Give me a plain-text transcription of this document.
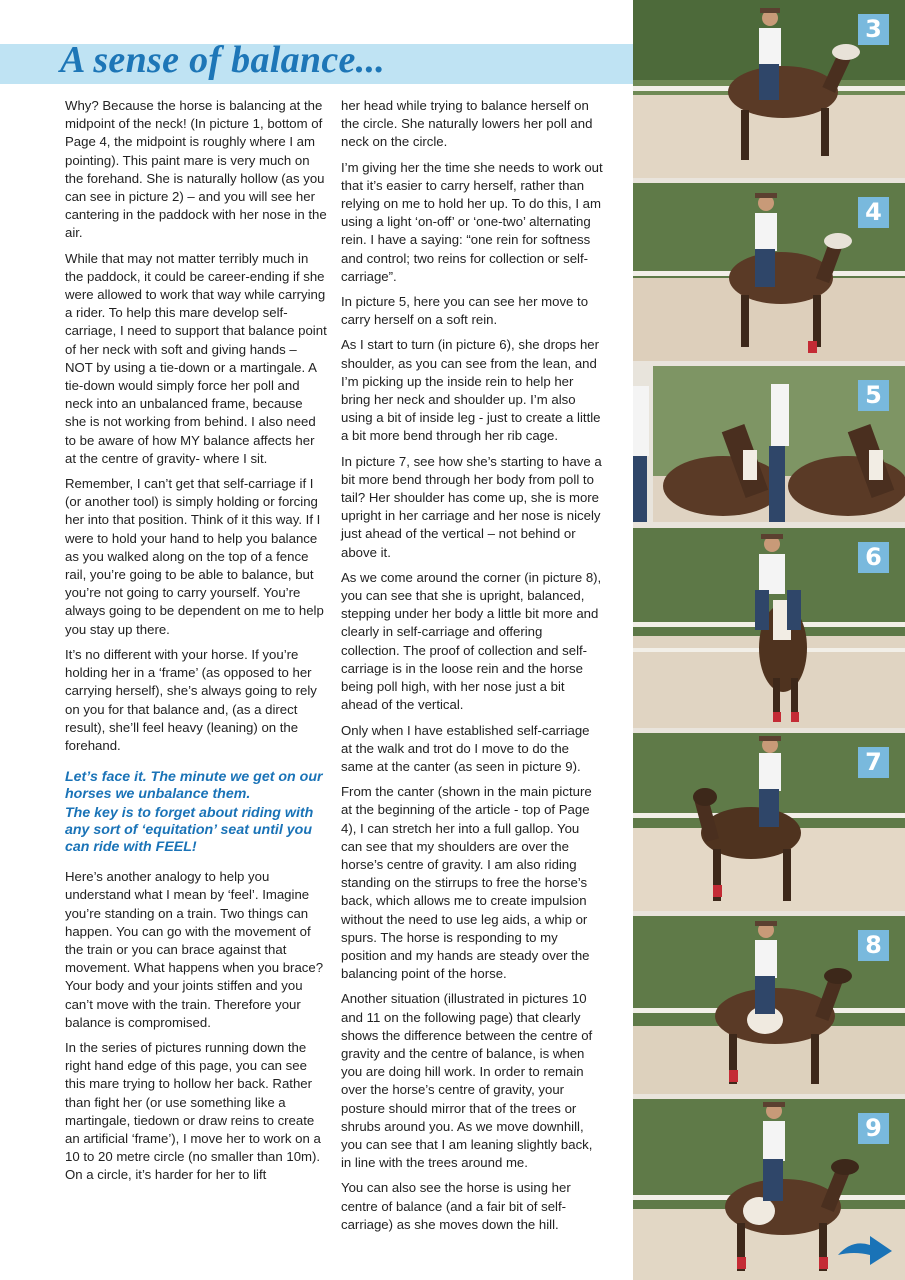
A sense of balance...

Why? Because the horse is balancing at the midpoint of the neck! (In picture 1, bottom of Page 4, the midpoint is roughly where I am pointing). This paint mare is very much on the forehand. She is naturally hollow (as you can see in picture 2) – and you will see her cantering in the paddock with her nose in the air.

While that may not matter terribly much in the paddock, it could be career-ending if she were allowed to work that way while carrying a rider. To help this mare develop self-carriage, I need to support that balance point of her neck with soft and giving hands – NOT by using a tie-down or a martingale. A tie-down would simply force her poll and neck into an unbalanced frame, because she is not working from behind. I also need to be aware of how MY balance affects her at the centre of gravity- where I sit.

Remember, I can’t get that self-carriage if I (or another tool) is simply holding or forcing her into that position. Think of it this way. If I were to hold your hand to help you balance as you walked along on the top of a fence rail, you’re going to be able to balance, but you’re not going to carry yourself. You’re always going to be dependent on me to help you stay up there.

It’s no different with your horse. If you’re holding her in a ‘frame’ (as opposed to her carrying herself), she’s always going to rely on you for that balance and, (as a direct result), she’ll feel heavy (leaning) on the forehand.

Let’s face it. The minute we get on our horses we unbalance them.

The key is to forget about riding with any sort of ‘equitation’ seat until you can ride with FEEL!

Here’s another analogy to help you understand what I mean by ‘feel’. Imagine you’re standing on a train. Two things can happen. You can go with the movement of the train or you can brace against that movement. What happens when you brace? Your body and your joints stiffen and you can’t move with the train. Therefore your balance is compromised.

In the series of pictures running down the right hand edge of this page, you can see this mare trying to hollow her back. Rather than fight her (or use something like a martingale, tiedown or draw reins to create an artificial ‘frame’), I move her to work on a 10 to 20 metre circle (no smaller than 10m). On a circle, it’s harder for her to lift

her head while trying to balance herself on the circle. She naturally lowers her poll and neck on the circle.

I’m giving her the time she needs to work out that it’s easier to carry herself, rather than relying on me to hold her up. To do this, I am using a light ‘on-off’ or ‘one-two’ alternating rein. I have a saying: “one rein for softness and control; two reins for collection or self-carriage”.

In picture 5, here you can see her move to carry herself on a soft rein.

As I start to turn (in picture 6), she drops her shoulder, as you can see from the lean, and I’m picking up the inside rein to help her bring her neck and shoulder up. I’m also using a bit of inside leg - just to create a little a bit more bend through her rib cage.

In picture 7, see how she’s starting to have a bit more bend through her body from poll to tail? Her shoulder has come up, she is more upright in her carriage and her nose is nicely just ahead of the vertical – not behind or above it.

As we come around the corner (in picture 8), you can see that she is upright, balanced, stepping under her body a little bit more and clearly in self-carriage and offering collection. The proof of collection and self-carriage is in the loose rein and the horse being poll high, with her nose just a bit ahead of the vertical.

Only when I have established self-carriage at the walk and trot do I move to do the same at the canter (as seen in picture 9).

From the canter (shown in the main picture at the beginning of the article - top of Page 4), I can stretch her into a full gallop. You can see that my shoulders are over the horse’s centre of gravity. I am also riding standing on the stirrups to free the horse’s back, which allows me to create impulsion without the need to use leg aids, a whip or spurs. The horse is responding to my position and my hands are steady over the balancing point of the horse.

Another situation (illustrated in pictures 10 and 11 on the following page) that clearly shows the difference between the centre of gravity and the centre of balance, is when you are doing hill work. In order to remain over the horse’s centre of gravity, your posture should mirror that of the trees or shrubs around you. As we move downhill, you can see that I am leaning slightly back, in line with the trees around me.

You can also see the horse is using her centre of balance (and a fair bit of self-carriage) as she moves down the hill.

3
4
5
6
7
8
9
